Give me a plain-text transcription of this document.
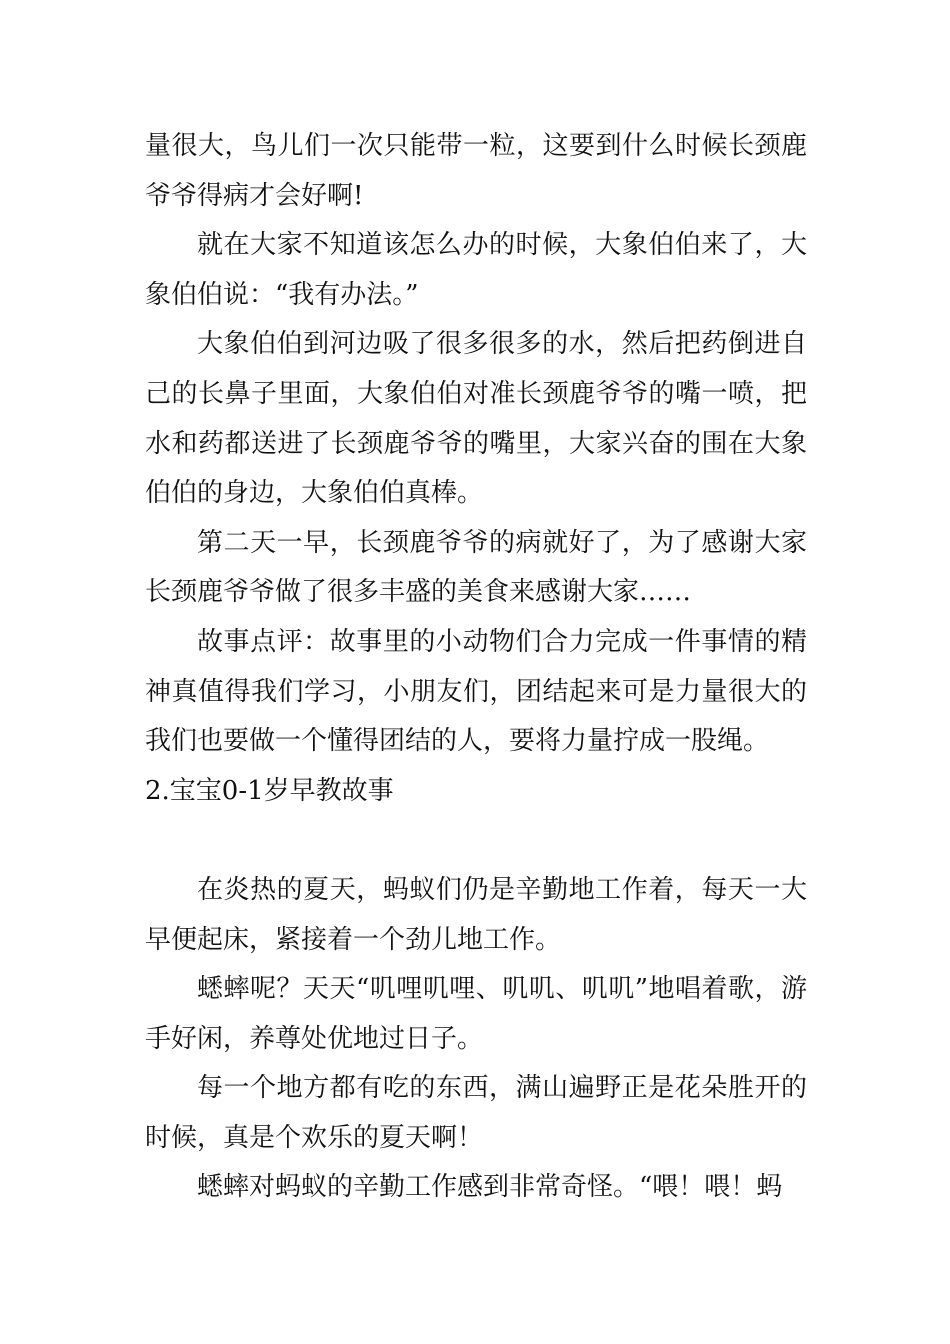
量很大，鸟儿们一次只能带一粒，这要到什么时候长颈鹿爷爷得病才会好啊!

就在大家不知道该怎么办的时候，大象伯伯来了，大象伯伯说：“我有办法。”

大象伯伯到河边吸了很多很多的水，然后把药倒进自己的长鼻子里面，大象伯伯对准长颈鹿爷爷的嘴一喷，把水和药都送进了长颈鹿爷爷的嘴里，大家兴奋的围在大象伯伯的身边，大象伯伯真棒。

第二天一早，长颈鹿爷爷的病就好了，为了感谢大家长颈鹿爷爷做了很多丰盛的美食来感谢大家……

故事点评：故事里的小动物们合力完成一件事情的精神真值得我们学习，小朋友们，团结起来可是力量很大的我们也要做一个懂得团结的人，要将力量拧成一股绳。

2.宝宝0-1岁早教故事

在炎热的夏天，蚂蚁们仍是辛勤地工作着，每天一大早便起床，紧接着一个劲儿地工作。

蟋蟀呢？天天“叽哩叽哩、叽叽、叽叽”地唱着歌，游手好闲，养尊处优地过日子。

每一个地方都有吃的东西，满山遍野正是花朵胜开的时候，真是个欢乐的夏天啊！

蟋蟀对蚂蚁的辛勤工作感到非常奇怪。“喂！喂！蚂
